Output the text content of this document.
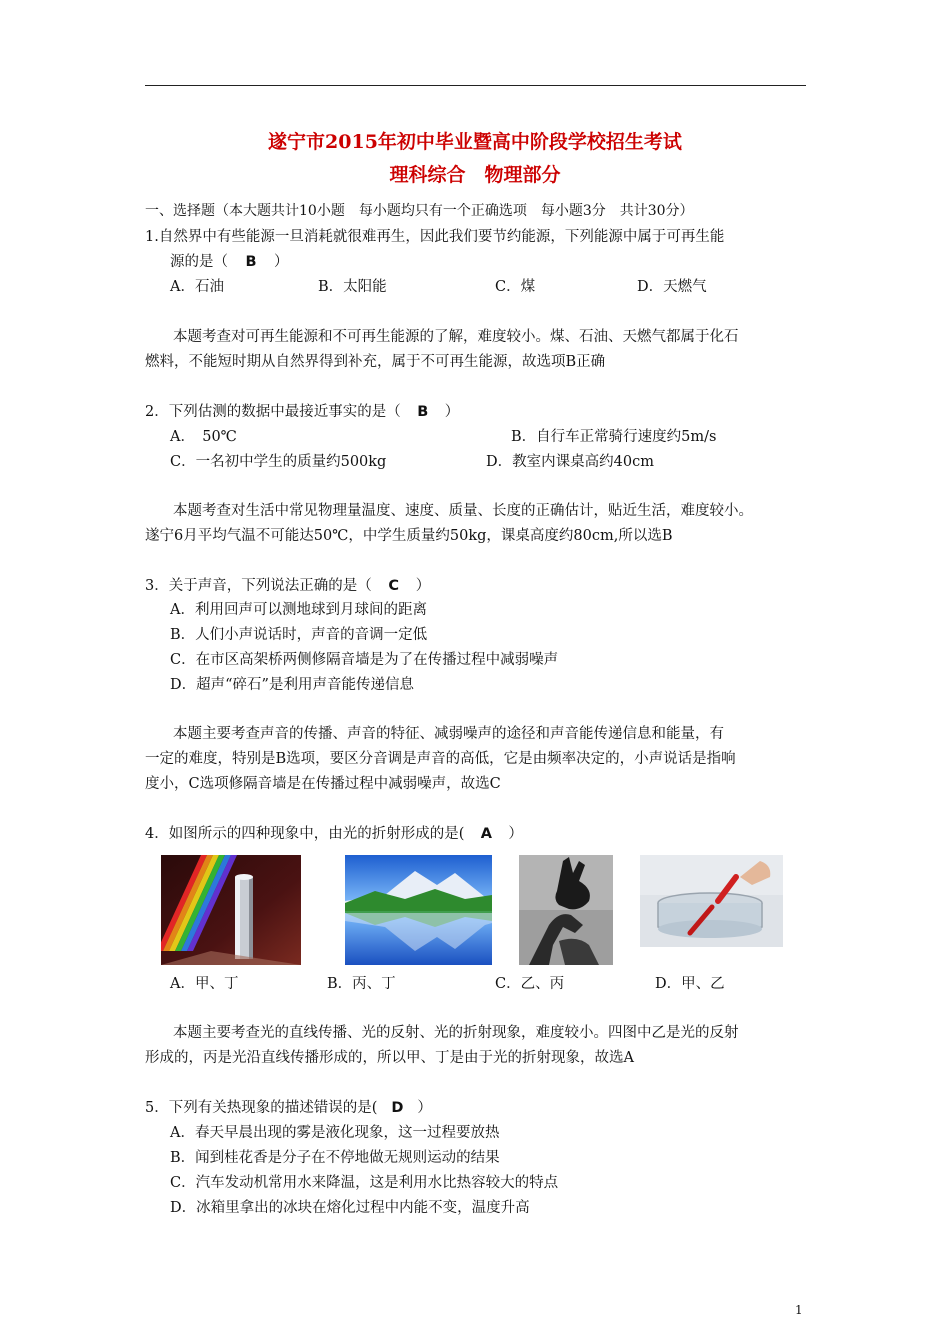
遂宁市2015年初中毕业暨高中阶段学校招生考试
理科综合　物理部分
一、选择题（本大题共计10小题　每小题均只有一个正确选项　每小题3分　共计30分）
1.自然界中有些能源一旦消耗就很难再生，因此我们要节约能源，下列能源中属于可再生能
源的是（ B ）
A．石油	B．太阳能	C．煤	D．天燃气
本题考查对可再生能源和不可再生能源的了解，难度较小。煤、石油、天燃气都属于化石
燃料，不能短时期从自然界得到补充，属于不可再生能源，故选项B正确
2．下列估测的数据中最接近事实的是（ B ）
A．　50℃	B．自行车正常骑行速度约5m/s
C．一名初中学生的质量约500kg	D．教室内课桌高约40cm
本题考查对生活中常见物理量温度、速度、质量、长度的正确估计，贴近生活，难度较小。
遂宁6月平均气温不可能达50℃，中学生质量约50kg，课桌高度约80cm,所以选B
3．关于声音，下列说法正确的是（ C ）
A．利用回声可以测地球到月球间的距离
B．人们小声说话时，声音的音调一定低
C．在市区高架桥两侧修隔音墙是为了在传播过程中减弱噪声
D．超声“碎石”是利用声音能传递信息
本题主要考查声音的传播、声音的特征、减弱噪声的途径和声音能传递信息和能量，有
一定的难度，特别是B选项，要区分音调是声音的高低，它是由频率决定的，小声说话是指响
度小，C选项修隔音墙是在传播过程中减弱噪声，故选C
4．如图所示的四种现象中，由光的折射形成的是( A ）
A．甲、丁	B．丙、丁	C．乙、丙	D．甲、乙
本题主要考查光的直线传播、光的反射、光的折射现象，难度较小。四图中乙是光的反射
形成的，丙是光沿直线传播形成的，所以甲、丁是由于光的折射现象，故选A
5．下列有关热现象的描述错误的是( D ）
A．春天早晨出现的雾是液化现象，这一过程要放热
B．闻到桂花香是分子在不停地做无规则运动的结果
C．汽车发动机常用水来降温，这是利用水比热容较大的特点
D．冰箱里拿出的冰块在熔化过程中内能不变，温度升高
1
